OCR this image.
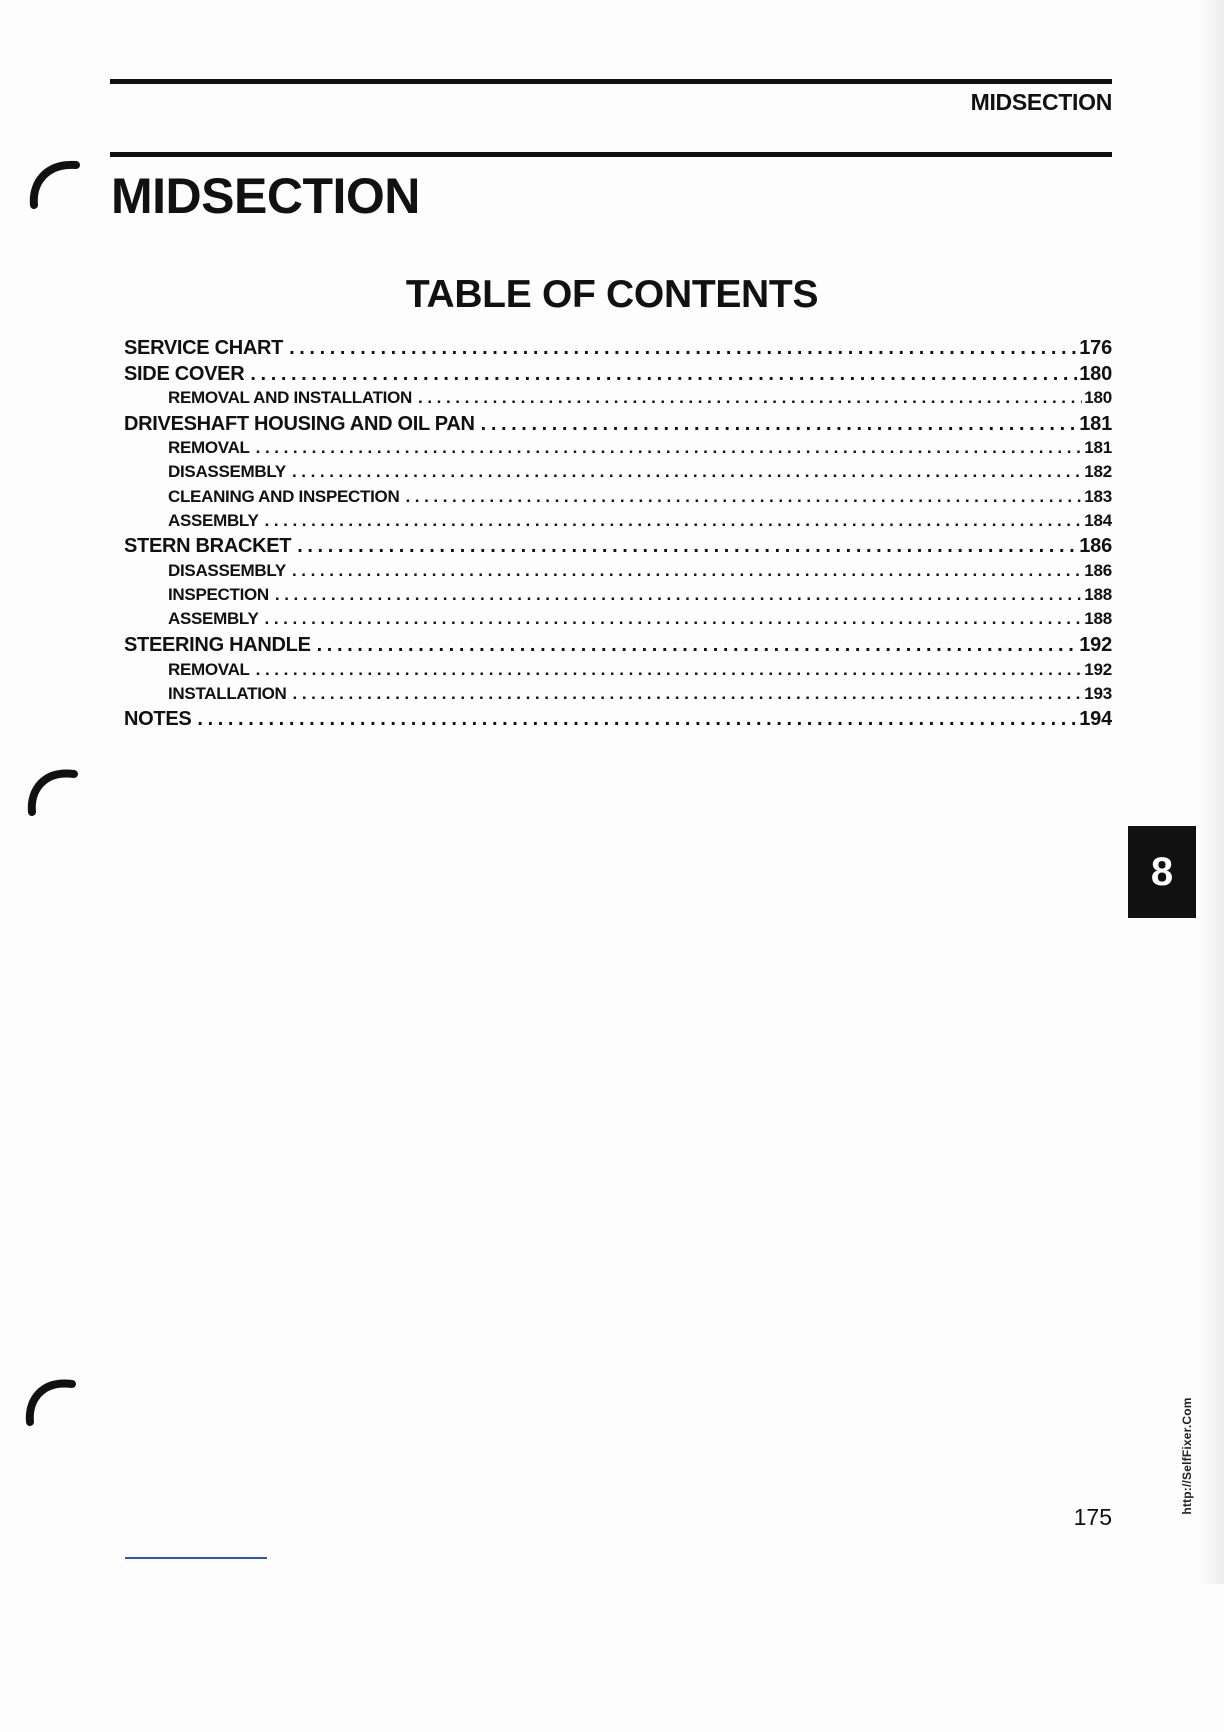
MIDSECTION
MIDSECTION
TABLE OF CONTENTS
SERVICE CHART .....	176
SIDE COVER .....	180
REMOVAL AND INSTALLATION .....	180
DRIVESHAFT HOUSING AND OIL PAN .....	181
REMOVAL .....	181
DISASSEMBLY .....	182
CLEANING AND INSPECTION .....	183
ASSEMBLY .....	184
STERN BRACKET .....	186
DISASSEMBLY .....	186
INSPECTION .....	188
ASSEMBLY .....	188
STEERING HANDLE .....	192
REMOVAL .....	192
INSTALLATION .....	193
NOTES .....	194
8
http://SelfFixer.Com
175
